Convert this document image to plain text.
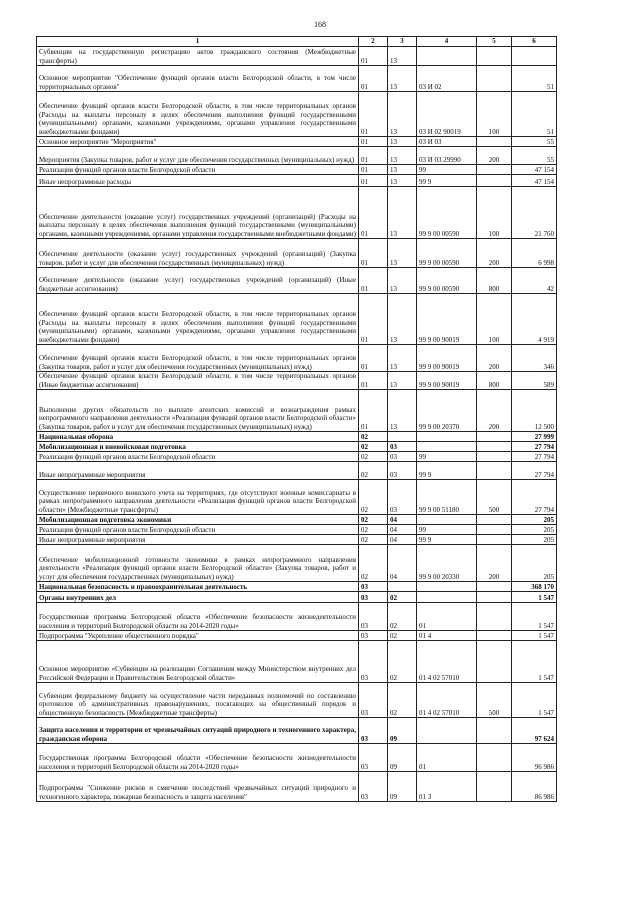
168
1	2	3	4	5	6
Субвенции на государственную регистрацию актов гражданского состояния (Межбюджетные трансферты)	01	13			
Основное мероприятие "Обеспечение функций органов власти Белгородской области, в том числе территориальных органов"	01	13	03 И 02		51
Обеспечение функций органов власти Белгородской области, в том числе территориальных органов (Расходы на выплаты персоналу в целях обеспечения выполнения функций государственными (муниципальными) органами, казенными учреждениями, органами управления государственными внебюджетными фондами)	01	13	03 И 02 90019	100	51
Основное мероприятие "Мероприятия"	01	13	03 И 03		55
Мероприятия (Закупка товаров, работ и услуг для обеспечения государственных (муниципальных) нужд)	01	13	03 И 03 29990	200	55
Реализация функций органов власти Белгородской области	01	13	99		47 154
Иные непрограммные расходы	01	13	99 9		47 154
Обеспечение деятельности (оказание услуг) государственных учреждений (организаций) (Расходы на выплаты персоналу в целях обеспечения выполнения функций государственными (муниципальными) органами, казенными учреждениями, органами управления государственными внебюджетными фондами)	01	13	99 9 00 00590	100	21 760
Обеспечение деятельности (оказание услуг) государственных учреждений (организаций) (Закупка товаров, работ и услуг для обеспечения государственных (муниципальных) нужд)	01	13	99 9 00 00590	200	6 998
Обеспечение деятельности (оказание услуг) государственных учреждений (организаций) (Иные бюджетные ассигнования)	01	13	99 9 00 00590	800	42
Обеспечение функций органов власти Белгородской области, в том числе территориальных органов (Расходы на выплаты персоналу в целях обеспечения выполнения функций государственными (муниципальными) органами, казенными учреждениями, органами управления государственными внебюджетными фондами)	01	13	99 9 00 90019	100	4 919
Обеспечение функций органов власти Белгородской области, в том числе территориальных органов (Закупка товаров, работ и услуг для обеспечения государственных (муниципальных) нужд)	01	13	99 9 00 90019	200	346
Обеспечение функций органов власти Белгородской области, в том числе территориальных органов (Иные бюджетные ассигнования)	01	13	99 9 00 90019	800	589
Выполнение других обязательств по выплате агентских комиссий и вознаграждения рамках непрограммного направления деятельности «Реализация функций органов власти Белгородской области» (Закупка товаров, работ и услуг для обеспечения государственных (муниципальных) нужд)	01	13	99 9 00 20370	200	12 500
Национальная оборона	02				27 999
Мобилизационная и вневойсковая подготовка	02	03			27 794
Реализация функций органов власти Белгородской области	02	03	99		27 794
Иные непрограммные мероприятия	02	03	99 9		27 794
Осуществление первичного воинского учета на территориях, где отсутствуют военные комиссариаты в рамках непрограммного направления деятельности «Реализация функций органов власти Белгородской области» (Межбюджетные трансферты)	02	03	99 9 00 51180	500	27 794
Мобилизационная подготовка экономики	02	04			205
Реализация функций органов власти Белгородской области	02	04	99		205
Иные непрограммные мероприятия	02	04	99 9		205
Обеспечение мобилизационной готовности экономики в рамках непрограммного направления деятельности «Реализация функций органов власти Белгородской области» (Закупка товаров, работ и услуг для обеспечения государственных (муниципальных) нужд)	02	04	99 9 00 20330	200	205
Национальная безопасность и правоохранительная деятельность	03				368 170
Органы внутренних дел	03	02			1 547
Государственная программа Белгородской области «Обеспечение безопасности жизнедеятельности населения и территорий Белгородской области на 2014-2020 годы»	03	02	01		1 547
Подпрограмма "Укрепление общественного порядка"	03	02	01 4		1 547
Основное мероприятие «Субвенции на реализацию Соглашения между Министерством внутренних дел Российской Федерации и Правительством Белгородской области»	03	02	01 4 02 57010		1 547
Субвенции федеральному бюджету на осуществление части переданных полномочий по составлению протоколов об административных правонарушениях, посягающих на общественный порядок и общественную безопасность (Межбюджетные трансферты)	03	02	01 4 02 57010	500	1 547
Защита населения и территории от чрезвычайных ситуаций природного и техногенного характера, гражданская оборона	03	09			97 624
Государственная программа Белгородской области «Обеспечение безопасности жизнедеятельности населения и территорий Белгородской области на 2014-2020 годы»	03	09	01		96 986
Подпрограмма "Снижение рисков и смягчение последствий чрезвычайных ситуаций природного и техногенного характера, пожарная безопасность и защита населения"	03	09	01 3		86 986
